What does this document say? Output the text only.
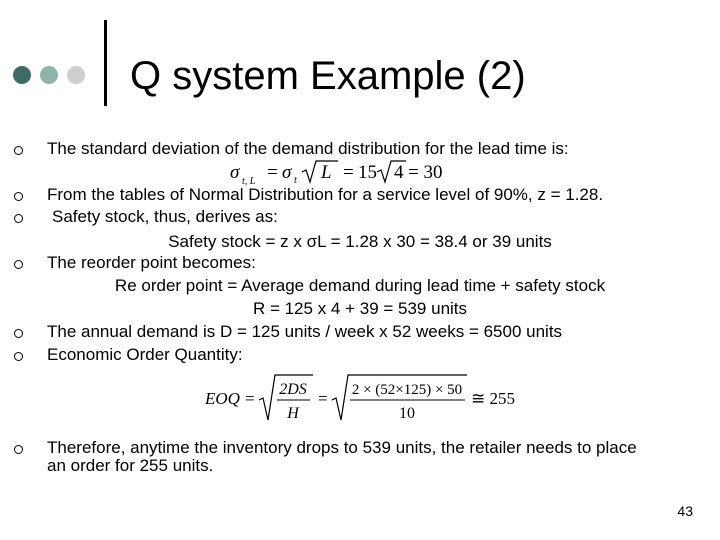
Q system Example (2)
The standard deviation of the demand distribution for the lead time is:
σ t, L = σ t L = 15 4 = 30
From the tables of Normal Distribution for a service level of 90%, z = 1.28.
Safety stock, thus, derives as:
Safety stock = z x σL = 1.28 x 30 = 38.4 or 39 units
The reorder point becomes:
Re order point = Average demand during lead time + safety stock
R = 125 x 4 + 39 = 539 units
The annual demand is D = 125 units / week x 52 weeks = 6500 units
Economic Order Quantity:
EOQ = 2DS
H
= 2 × (52×125) × 50
10
≅ 255
Therefore, anytime the inventory drops to 539 units, the retailer needs to place
an order for 255 units.
43
